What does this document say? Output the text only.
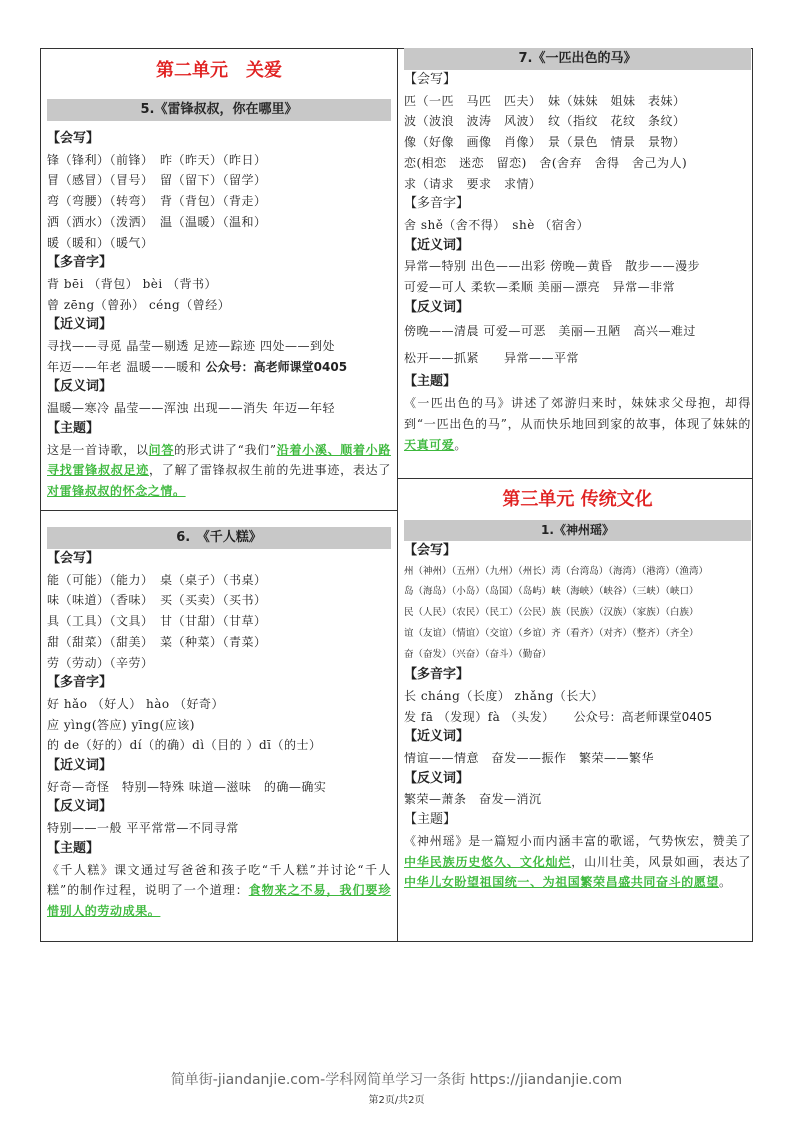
第二单元　关爱
5.《雷锋叔叔，你在哪里》
【会写】
锋（锋利）（前锋）　昨（昨天）（昨日）
冒（感冒）（冒号）　留（留下）（留学）
弯（弯腰）（转弯）　背（背包）（背走）
洒（洒水）（泼洒）　温（温暖）（温和）
暖（暖和）（暖气）
【多音字】
背 bēi （背包） bèi （背书）
曾 zēng（曾孙） céng（曾经）
【近义词】
寻找——寻觅 晶莹—剔透 足迹—踪迹 四处——到处
年迈——年老 温暖——暖和 公众号：高老师课堂0405
【反义词】
温暖—寒冷 晶莹——浑浊 出现——消失 年迈—年轻
【主题】
这是一首诗歌，以问答的形式讲了“我们”沿着小溪、顺着小路寻找雷锋叔叔足迹，了解了雷锋叔叔生前的先进事迹，表达了对雷锋叔叔的怀念之情。
6.　《千人糕》
【会写】
能（可能）（能力）　桌（桌子）（书桌）
味（味道）（香味）　买（买卖）（买书）
具（工具）（文具）　甘（甘甜）（甘草）
甜（甜菜）（甜美）　菜（种菜）（青菜）
劳（劳动）（辛劳）
【多音字】
好 hǎo （好人） hào （好奇）
应 yìng(答应) yīng(应该)
的 de（好的）dí（的确）dì（目的 ）dī（的士）
【近义词】
好奇—奇怪　特别—特殊 味道—滋味　的确—确实
【反义词】
特别——一般 平平常常—不同寻常
【主题】
《千人糕》课文通过写爸爸和孩子吃“千人糕”并讨论“千人糕”的制作过程，说明了一个道理：食物来之不易，我们要珍惜别人的劳动成果。
7.《一匹出色的马》
【会写】
匹（一匹　马匹　匹夫）　妹（妹妹　姐妹　表妹）
波（波浪　波涛　风波）　纹（指纹　花纹　条纹）
像（好像　画像　肖像）　景（景色　情景　景物）
恋(相恋　迷恋　留恋)　舍(舍弃　舍得　舍己为人)
求（请求　要求　求情）
【多音字】
舍 shě（舍不得）　shè （宿舍）
【近义词】
异常—特别 出色——出彩 傍晚—黄昏　散步——漫步
可爱—可人 柔软—柔顺 美丽—漂亮　异常—非常
【反义词】
傍晚——清晨 可爱—可恶　美丽—丑陋　高兴—难过
松开——抓紧　　异常——平常
【主题】
《一匹出色的马》讲述了郊游归来时，妹妹求父母抱，却得到“一匹出色的马”，从而快乐地回到家的故事，体现了妹妹的天真可爱。
第三单元 传统文化
1.《神州瑶》
【会写】
州（神州）（五州）（九州）（州长）湾（台湾岛）（海湾）（港湾）（渔湾）
岛（海岛）（小岛）（岛国）（岛屿）峡（海峡）（峡谷）（三峡）（峡口）
民（人民）（农民）（民工）（公民）族（民族）（汉族）（家族）（白族）
谊（友谊）（情谊）（交谊）（乡谊）齐（看齐）（对齐）（整齐）（齐全）
奋（奋发）（兴奋）（奋斗）（勤奋）
【多音字】
长 cháng（长度） zhǎng（长大）
发 fā （发现）fà （头发）　　公众号：高老师课堂0405
【近义词】
情谊——情意　奋发——振作　繁荣——繁华
【反义词】
繁荣—萧条　奋发—消沉
【主题】
《神州瑶》是一篇短小而内涵丰富的歌谣，气势恢宏，赞美了中华民族历史悠久、文化灿烂，山川壮美，风景如画，表达了中华儿女盼望祖国统一、为祖国繁荣昌盛共同奋斗的愿望。
简单街-jiandanjie.com-学科网简单学习一条街 https://jiandanjie.com
第2页/共2页
